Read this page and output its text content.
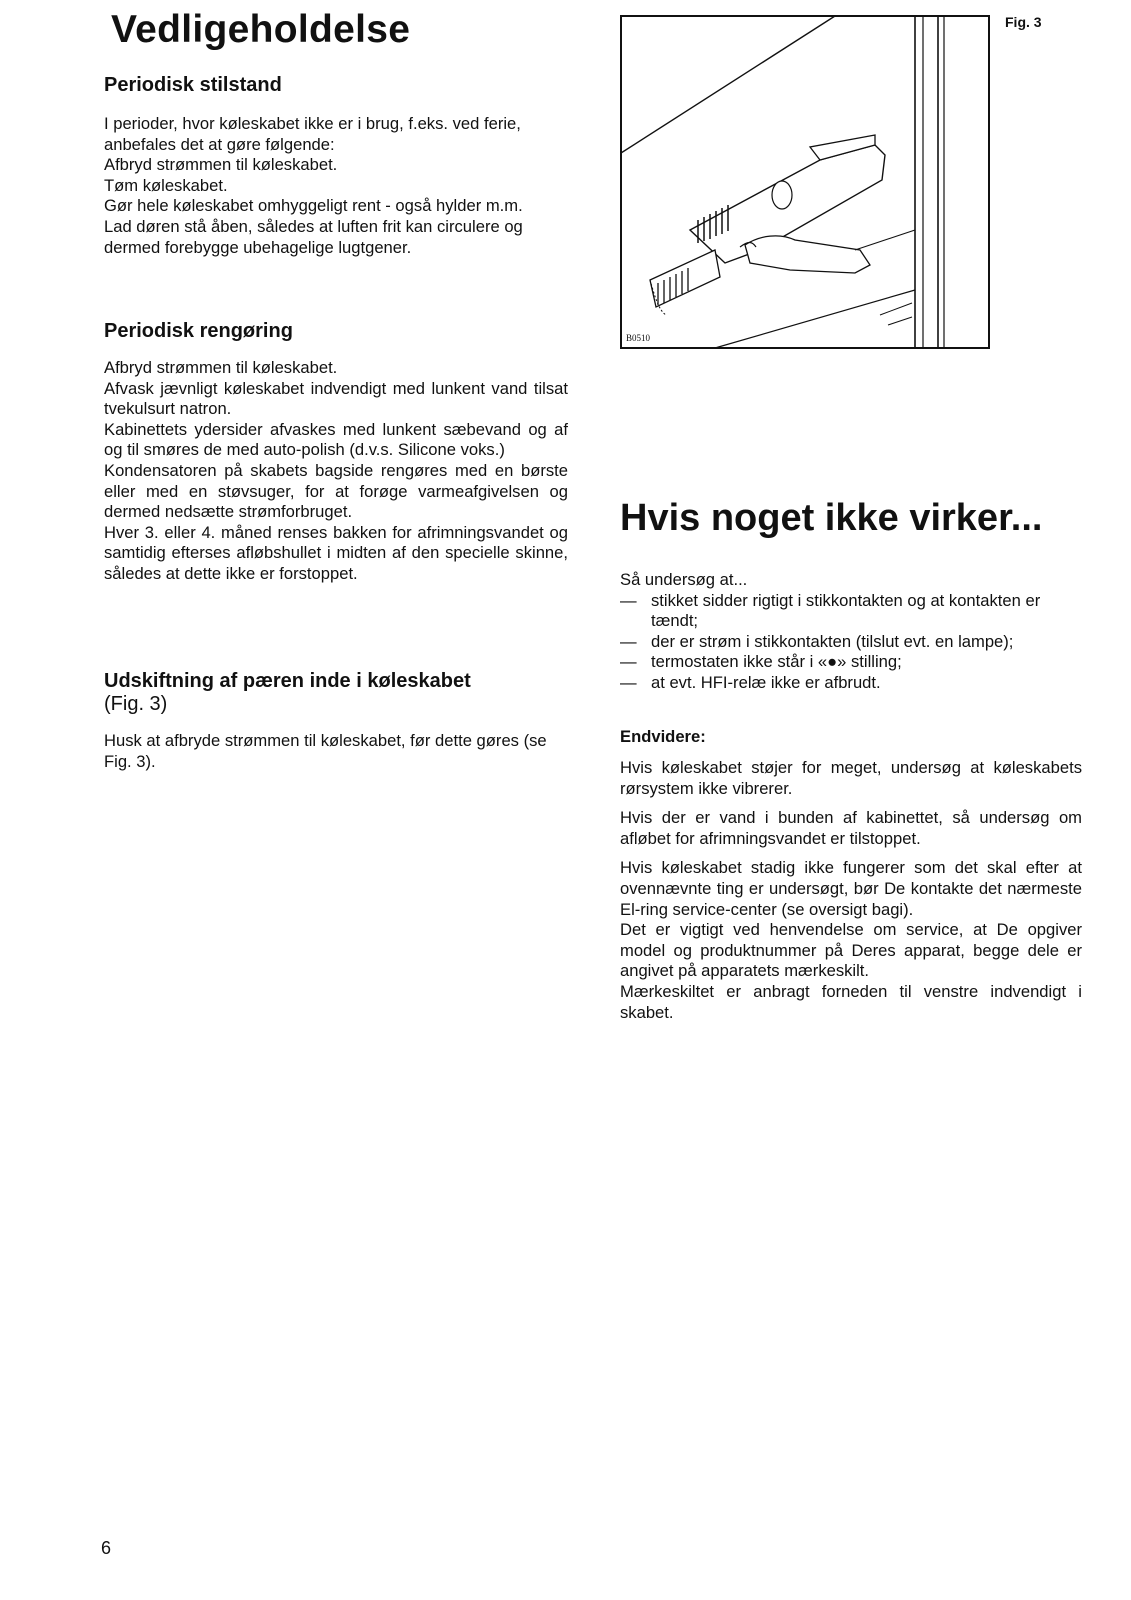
Vedligeholdelse
Periodisk stilstand

I perioder, hvor køleskabet ikke er i brug, f.eks. ved ferie, anbefales det at gøre følgende:

Afbryd strømmen til køleskabet.

Tøm køleskabet.

Gør hele køleskabet omhyggeligt rent - også hylder m.m.

Lad døren stå åben, således at luften frit kan circulere og dermed forebygge ubehagelige lugtgener.

Periodisk rengøring

Afbryd strømmen til køleskabet.

Afvask jævnligt køleskabet indvendigt med lunkent vand tilsat tvekulsurt natron.

Kabinettets ydersider afvaskes med lunkent sæbevand og af og til smøres de med auto-polish (d.v.s. Silicone voks.)

Kondensatoren på skabets bagside rengøres med en børste eller med en støvsuger, for at forøge varmeafgivelsen og dermed nedsætte strømforbruget.

Hver 3. eller 4. måned renses bakken for afrimningsvandet og samtidig efterses afløbshullet i midten af den specielle skinne, således at dette ikke er forstoppet.

Udskiftning af pæren inde i køleskabet
(Fig. 3)

Husk at afbryde strømmen til køleskabet, før dette gøres (se Fig. 3).

Fig. 3
B0510
Hvis noget ikke virker...

Så undersøg at...

— stikket sidder rigtigt i stikkontakten og at kontakten er tændt;
— der er strøm i stikkontakten (tilslut evt. en lampe);
— termostaten ikke står i «●» stilling;
— at evt. HFI-relæ ikke er afbrudt.

Endvidere:

Hvis køleskabet støjer for meget, undersøg at køleskabets rørsystem ikke vibrerer.

Hvis der er vand i bunden af kabinettet, så undersøg om afløbet for afrimningsvandet er tilstoppet.

Hvis køleskabet stadig ikke fungerer som det skal efter at ovennævnte ting er undersøgt, bør De kontakte det nærmeste El-ring service-center (se oversigt bagi).

Det er vigtigt ved henvendelse om service, at De opgiver model og produktnummer på Deres apparat, begge dele er angivet på apparatets mærkeskilt.

Mærkeskiltet er anbragt forneden til venstre indvendigt i skabet.

6
